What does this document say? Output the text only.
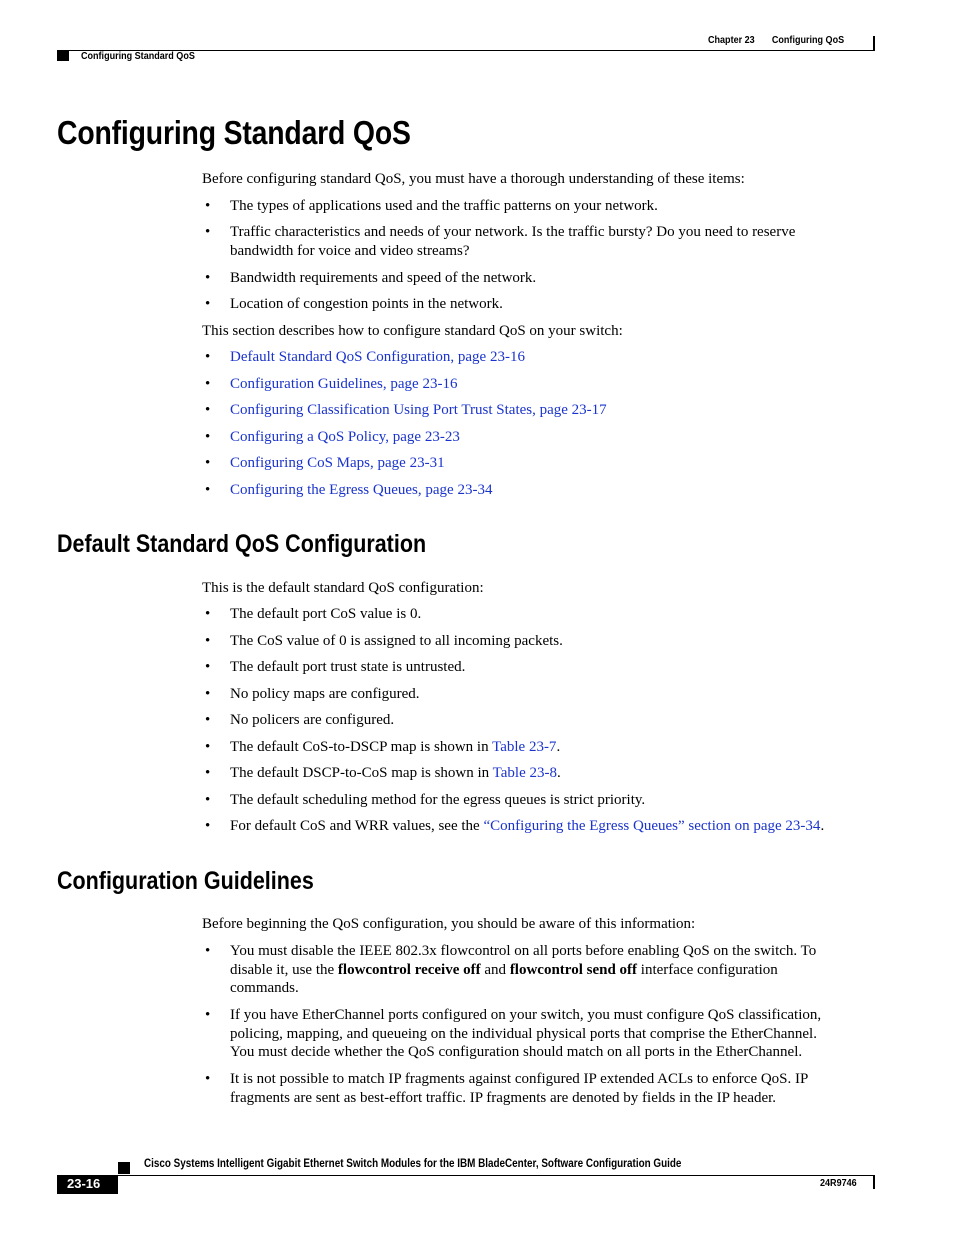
Chapter 23 Configuring QoS
Configuring Standard QoS
Configuring Standard QoS
Before configuring standard QoS, you must have a thorough understanding of these items:
• The types of applications used and the traffic patterns on your network.
• Traffic characteristics and needs of your network. Is the traffic bursty? Do you need to reserve
bandwidth for voice and video streams?
• Bandwidth requirements and speed of the network.
• Location of congestion points in the network.
This section describes how to configure standard QoS on your switch:
• Default Standard QoS Configuration, page 23-16
• Configuration Guidelines, page 23-16
• Configuring Classification Using Port Trust States, page 23-17
• Configuring a QoS Policy, page 23-23
• Configuring CoS Maps, page 23-31
• Configuring the Egress Queues, page 23-34
Default Standard QoS Configuration
This is the default standard QoS configuration:
• The default port CoS value is 0.
• The CoS value of 0 is assigned to all incoming packets.
• The default port trust state is untrusted.
• No policy maps are configured.
• No policers are configured.
• The default CoS-to-DSCP map is shown in Table 23-7.
• The default DSCP-to-CoS map is shown in Table 23-8.
• The default scheduling method for the egress queues is strict priority.
• For default CoS and WRR values, see the “Configuring the Egress Queues” section on page 23-34.
Configuration Guidelines
Before beginning the QoS configuration, you should be aware of this information:
• You must disable the IEEE 802.3x flowcontrol on all ports before enabling QoS on the switch. To
disable it, use the flowcontrol receive off and flowcontrol send off interface configuration
commands.
• If you have EtherChannel ports configured on your switch, you must configure QoS classification,
policing, mapping, and queueing on the individual physical ports that comprise the EtherChannel.
You must decide whether the QoS configuration should match on all ports in the EtherChannel.
• It is not possible to match IP fragments against configured IP extended ACLs to enforce QoS. IP
fragments are sent as best-effort traffic. IP fragments are denoted by fields in the IP header.
Cisco Systems Intelligent Gigabit Ethernet Switch Modules for the IBM BladeCenter, Software Configuration Guide
23-16	24R9746
